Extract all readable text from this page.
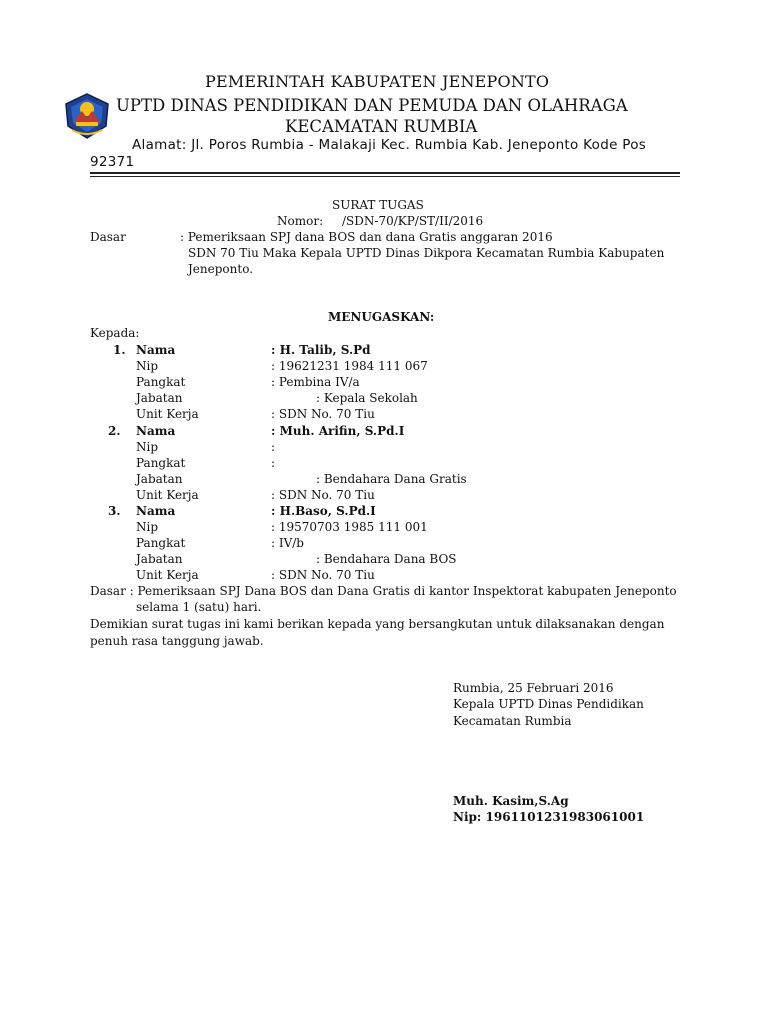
PEMERINTAH KABUPATEN JENEPONTO
UPTD DINAS PENDIDIKAN DAN PEMUDA DAN OLAHRAGA
KECAMATAN RUMBIA
Alamat: Jl. Poros Rumbia - Malakaji Kec. Rumbia Kab. Jeneponto Kode Pos
92371
SURAT TUGAS
Nomor: /SDN-70/KP/ST/II/2016
Dasar	: Pemeriksaan SPJ dana BOS dan dana Gratis anggaran 2016
SDN 70 Tiu Maka Kepala UPTD Dinas Dikpora Kecamatan Rumbia Kabupaten
Jeneponto.
MENUGASKAN:
Kepada:
1. Nama	: H. Talib, S.Pd
Nip	: 19621231 1984 111 067
Pangkat	: Pembina IV/a
Jabatan	: Kepala Sekolah
Unit Kerja	: SDN No. 70 Tiu
2. Nama	: Muh. Arifin, S.Pd.I
Nip	:
Pangkat	:
Jabatan	: Bendahara Dana Gratis
Unit Kerja	: SDN No. 70 Tiu
3. Nama	: H.Baso, S.Pd.I
Nip	: 19570703 1985 111 001
Pangkat	: IV/b
Jabatan	: Bendahara Dana BOS
Unit Kerja	: SDN No. 70 Tiu
Dasar : Pemeriksaan SPJ Dana BOS dan Dana Gratis di kantor Inspektorat kabupaten Jeneponto
selama 1 (satu) hari.
Demikian surat tugas ini kami berikan kepada yang bersangkutan untuk dilaksanakan dengan
penuh rasa tanggung jawab.
Rumbia, 25 Februari 2016
Kepala UPTD Dinas Pendidikan
Kecamatan Rumbia
Muh. Kasim,S.Ag
Nip: 196110123198306100​1
